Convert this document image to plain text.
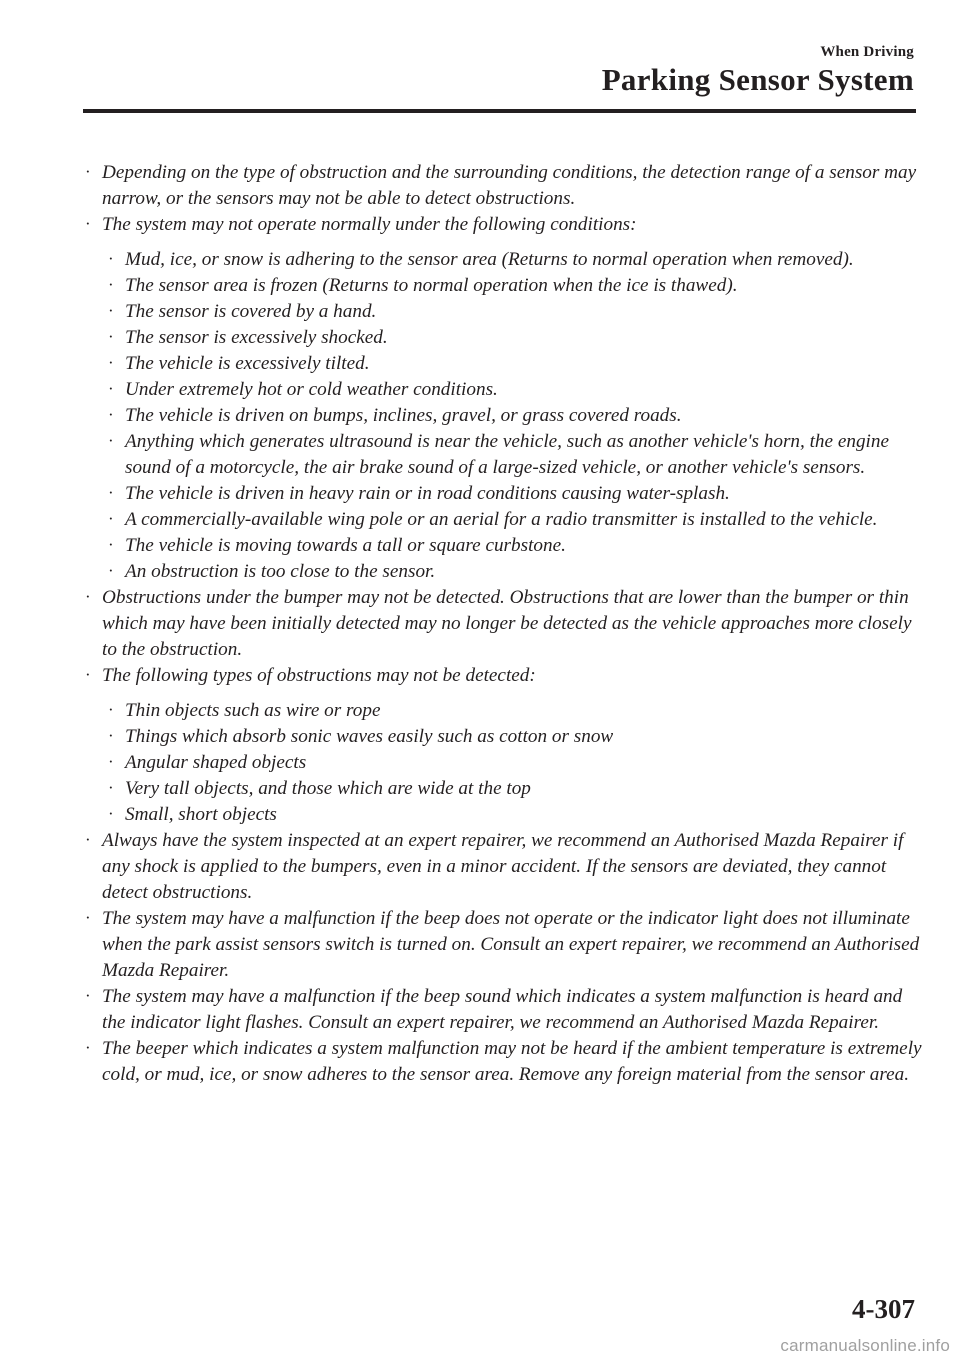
When Driving
Parking Sensor System
· Depending on the type of obstruction and the surrounding conditions, the detection range of a sensor may narrow, or the sensors may not be able to detect obstructions.
· The system may not operate normally under the following conditions:
· Mud, ice, or snow is adhering to the sensor area (Returns to normal operation when removed).
· The sensor area is frozen (Returns to normal operation when the ice is thawed).
· The sensor is covered by a hand.
· The sensor is excessively shocked.
· The vehicle is excessively tilted.
· Under extremely hot or cold weather conditions.
· The vehicle is driven on bumps, inclines, gravel, or grass covered roads.
· Anything which generates ultrasound is near the vehicle, such as another vehicle's horn, the engine sound of a motorcycle, the air brake sound of a large-sized vehicle, or another vehicle's sensors.
· The vehicle is driven in heavy rain or in road conditions causing water-splash.
· A commercially-available wing pole or an aerial for a radio transmitter is installed to the vehicle.
· The vehicle is moving towards a tall or square curbstone.
· An obstruction is too close to the sensor.
· Obstructions under the bumper may not be detected. Obstructions that are lower than the bumper or thin which may have been initially detected may no longer be detected as the vehicle approaches more closely to the obstruction.
· The following types of obstructions may not be detected:
· Thin objects such as wire or rope
· Things which absorb sonic waves easily such as cotton or snow
· Angular shaped objects
· Very tall objects, and those which are wide at the top
· Small, short objects
· Always have the system inspected at an expert repairer, we recommend an Authorised Mazda Repairer if any shock is applied to the bumpers, even in a minor accident. If the sensors are deviated, they cannot detect obstructions.
· The system may have a malfunction if the beep does not operate or the indicator light does not illuminate when the park assist sensors switch is turned on. Consult an expert repairer, we recommend an Authorised Mazda Repairer.
· The system may have a malfunction if the beep sound which indicates a system malfunction is heard and the indicator light flashes. Consult an expert repairer, we recommend an Authorised Mazda Repairer.
· The beeper which indicates a system malfunction may not be heard if the ambient temperature is extremely cold, or mud, ice, or snow adheres to the sensor area. Remove any foreign material from the sensor area.
4-307
carmanualsonline.info
